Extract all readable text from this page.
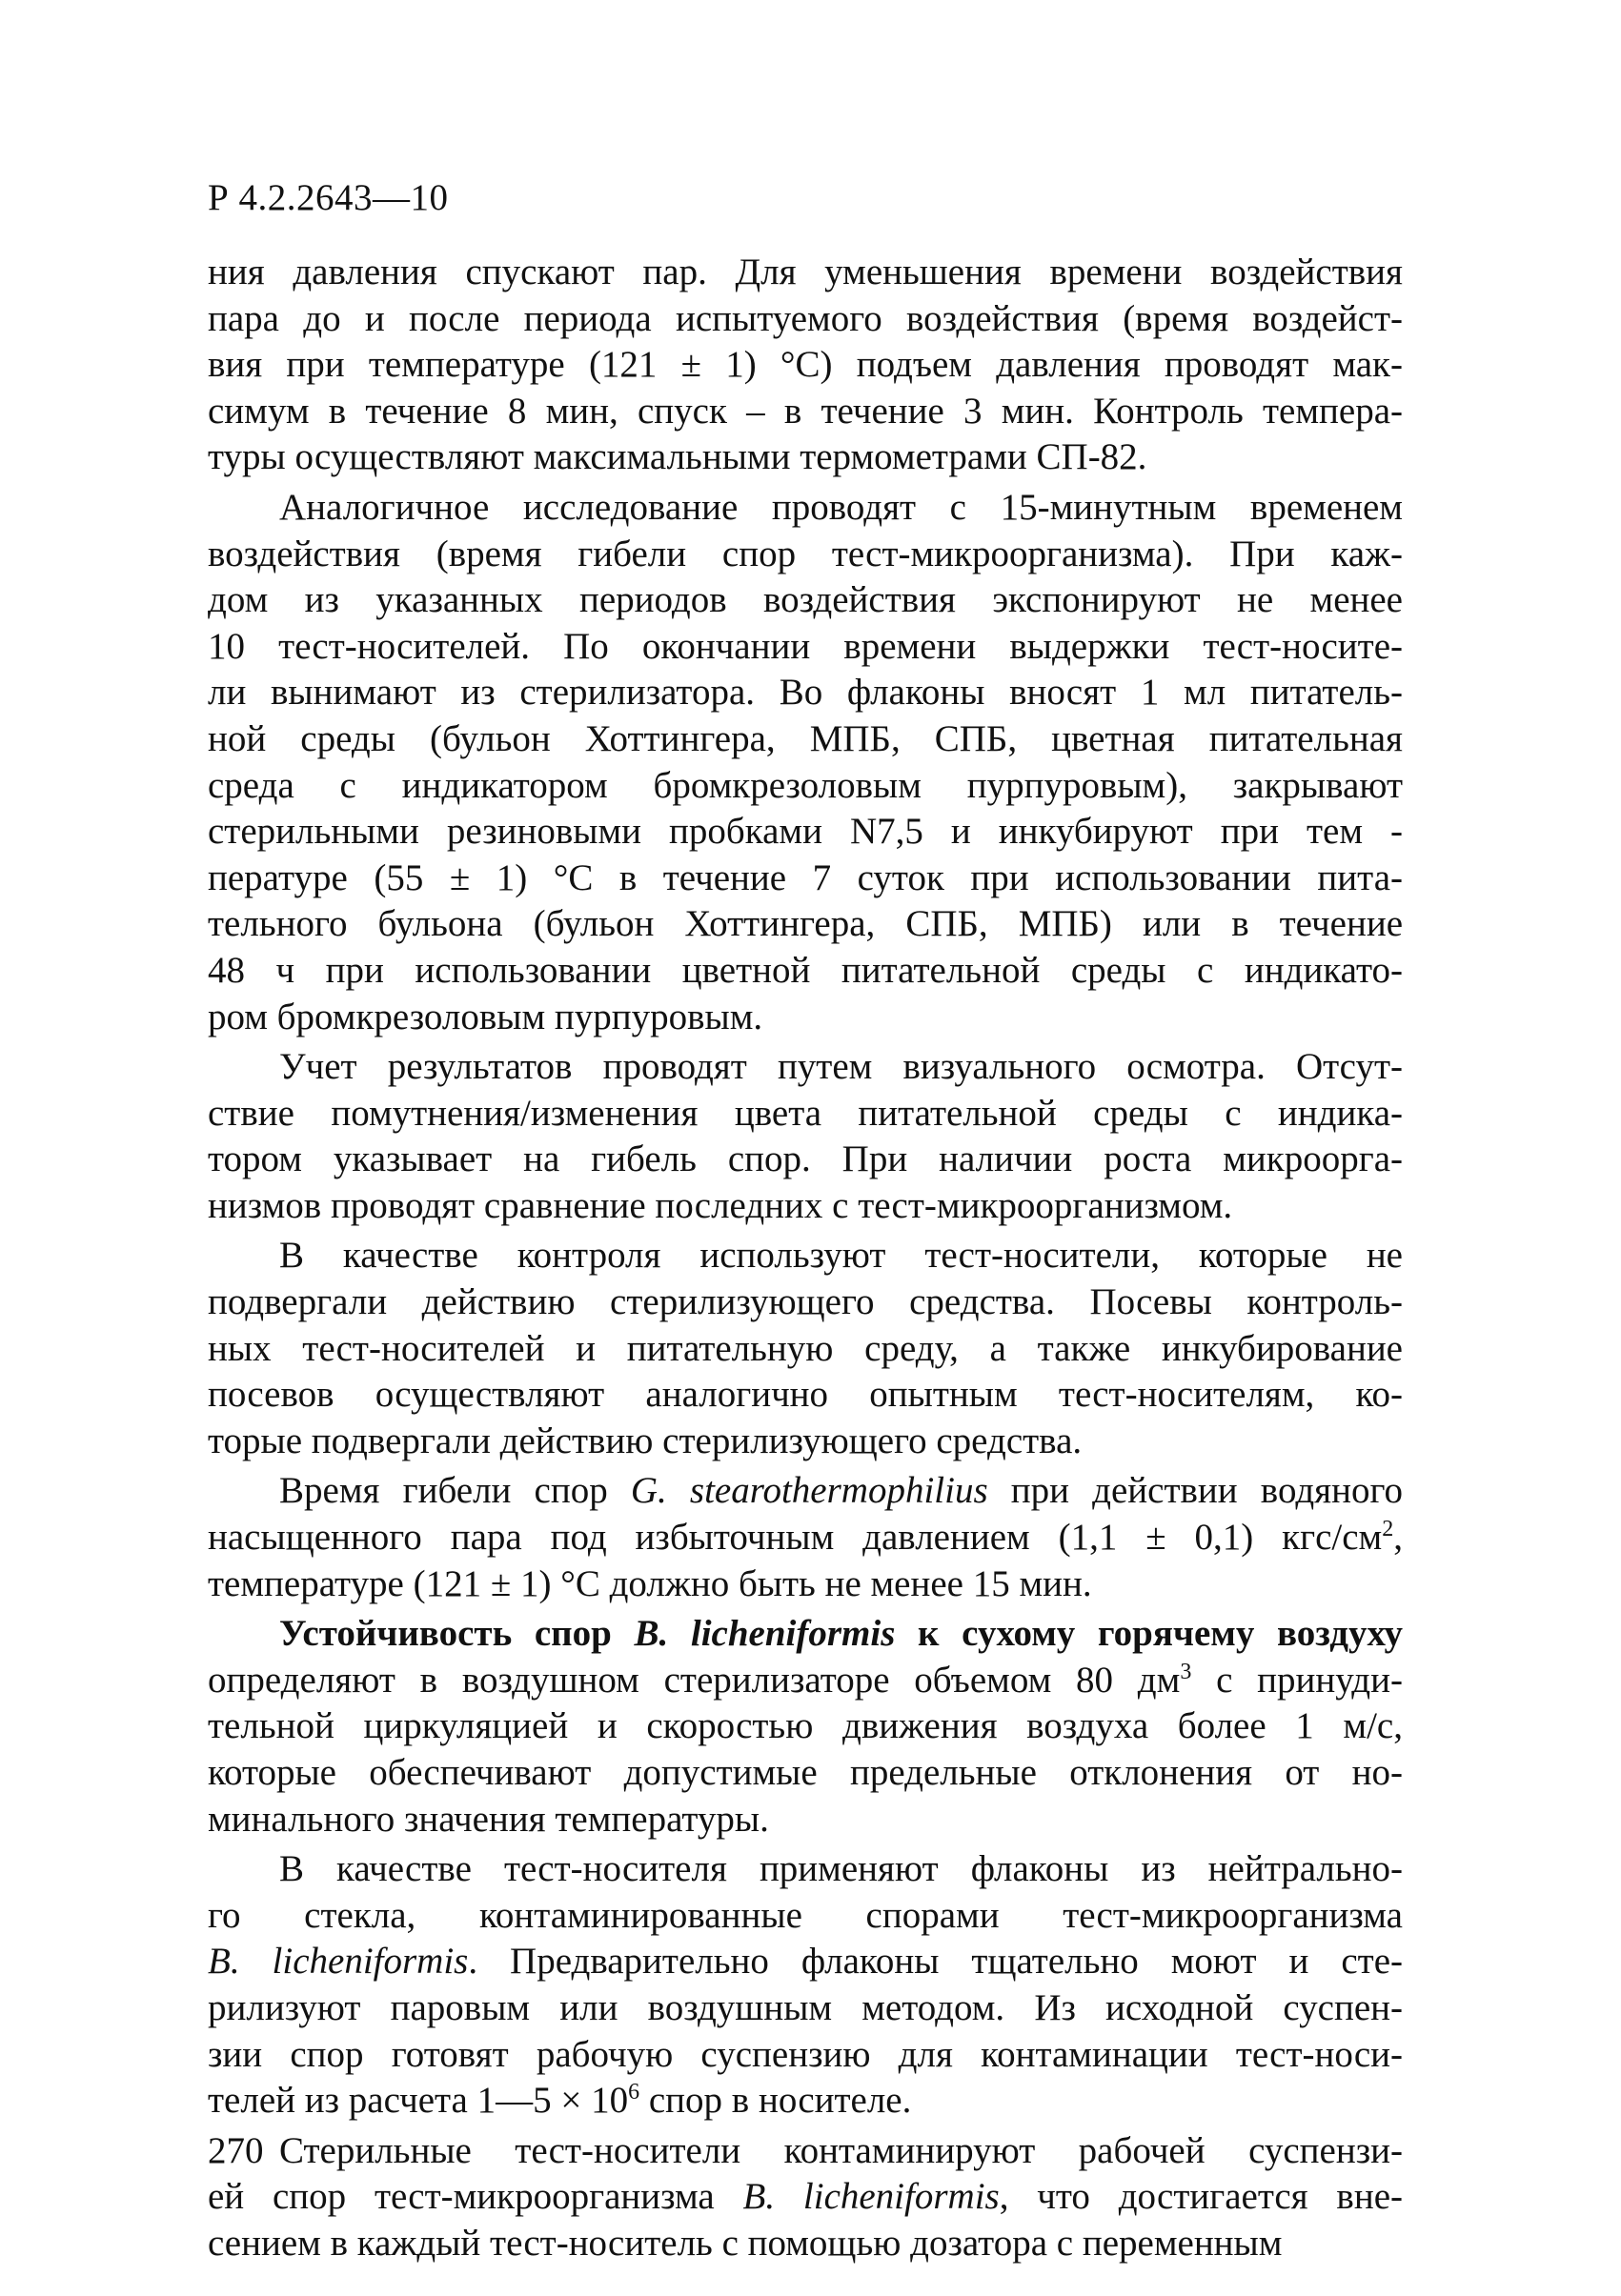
Р 4.2.2643—10
ния давления спускают пар. Для уменьшения времени воздействия
пара до и после периода испытуемого воздействия (время воздейст-
вия при температуре (121 ± 1) °С) подъем давления проводят мак-
симум в течение 8 мин, спуск – в течение 3 мин. Контроль темпера-
туры осуществляют максимальными термометрами СП-82.
Аналогичное исследование проводят с 15-минутным временем
воздействия (время гибели спор тест-микроорганизма). При каж-
дом из указанных периодов воздействия экспонируют не менее
10 тест-носителей. По окончании времени выдержки тест-носите-
ли вынимают из стерилизатора. Во флаконы вносят 1 мл питатель-
ной среды (бульон Хоттингера, МПБ, СПБ, цветная питательная
среда с индикатором бромкрезоловым пурпуровым), закрывают
стерильными резиновыми пробками N7,5 и инкубируют при тем -
пературе (55 ± 1) °С в течение 7 суток при использовании пита-
тельного бульона (бульон Хоттингера, СПБ, МПБ) или в течение
48 ч при использовании цветной питательной среды с индикато-
ром бромкрезоловым пурпуровым.
Учет результатов проводят путем визуального осмотра. Отсут-
ствие помутнения/изменения цвета питательной среды с индика-
тором указывает на гибель спор. При наличии роста микроорга-
низмов проводят сравнение последних с тест-микроорганизмом.
В качестве контроля используют тест-носители, которые не
подвергали действию стерилизующего средства. Посевы контроль-
ных тест-носителей и питательную среду, а также инкубирование
посевов осуществляют аналогично опытным тест-носителям, ко-
торые подвергали действию стерилизующего средства.
Время гибели спор G. stearothermophilius при действии водяного
насыщенного пара под избыточным давлением (1,1 ± 0,1) кгс/$см^2$,
температуре (121 ± 1) °С должно быть не менее 15 мин.
Устойчивость спор B. licheniformis к сухому горячему воздуху
определяют в воздушном стерилизаторе объемом 80 $дм^3$ с принуди-
тельной циркуляцией и скоростью движения воздуха более 1 м/с,
которые обеспечивают допустимые предельные отклонения от но-
минального значения температуры.
В качестве тест-носителя применяют флаконы из нейтрально-
го стекла, контаминированные спорами тест-микроорганизма
B. licheniformis. Предварительно флаконы тщательно моют и сте-
рилизуют паровым или воздушным методом. Из исходной суспен-
зии спор готовят рабочую суспензию для контаминации тест-носи-
телей из расчета 1—5 × $10^6$ спор в носителе.
Стерильные тест-носители контаминируют рабочей суспензи-
ей спор тест-микроорганизма B. licheniformis, что достигается вне-
сением в каждый тест-носитель с помощью дозатора с переменным
270
